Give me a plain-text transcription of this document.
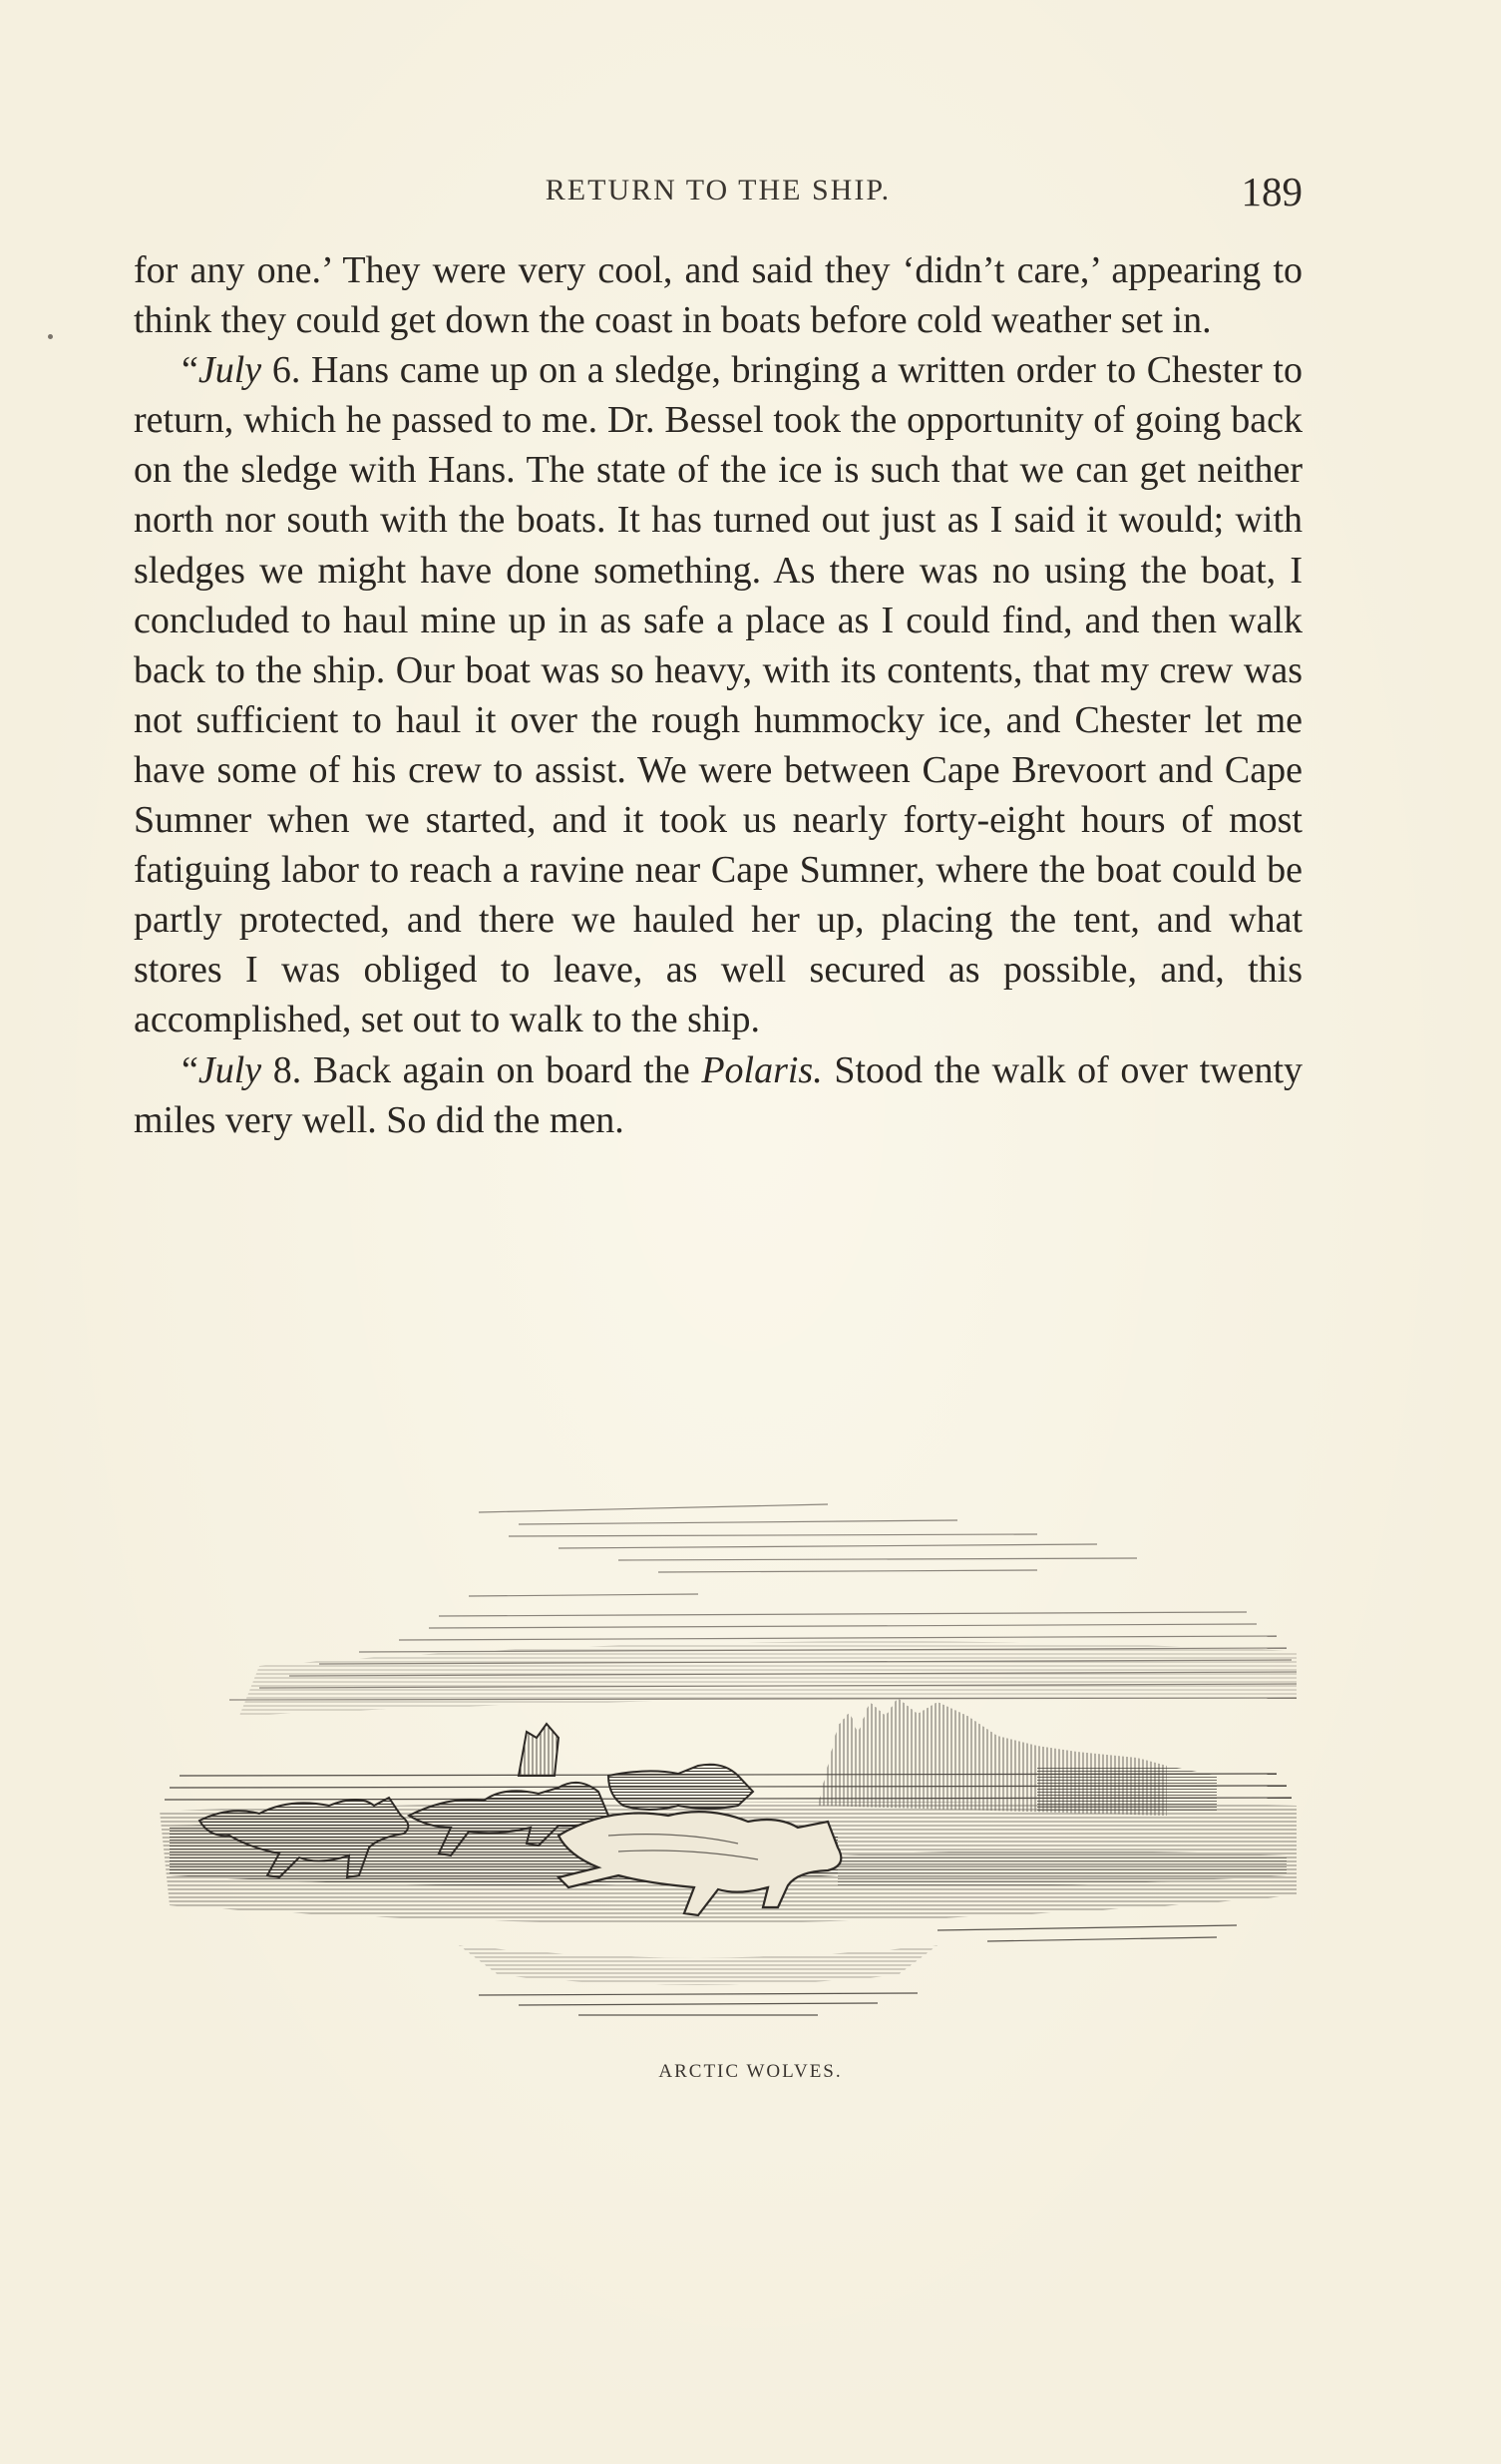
RETURN TO THE SHIP.	189

for any one.’ They were very cool, and said they ‘didn’t care,’ appearing to think they could get down the coast in boats before cold weather set in.

“July 6. Hans came up on a sledge, bringing a written order to Chester to return, which he passed to me. Dr. Bessel took the opportunity of going back on the sledge with Hans. The state of the ice is such that we can get neither north nor south with the boats. It has turned out just as I said it would; with sledges we might have done something. As there was no using the boat, I concluded to haul mine up in as safe a place as I could find, and then walk back to the ship. Our boat was so heavy, with its contents, that my crew was not sufficient to haul it over the rough hummocky ice, and Chester let me have some of his crew to assist. We were between Cape Brevoort and Cape Sumner when we started, and it took us nearly forty-eight hours of most fatiguing labor to reach a ravine near Cape Sumner, where the boat could be partly protected, and there we hauled her up, placing the tent, and what stores I was obliged to leave, as well secured as possible, and, this accomplished, set out to walk to the ship.

“July 8. Back again on board the Polaris. Stood the walk of over twenty miles very well. So did the men.

ARCTIC WOLVES.
